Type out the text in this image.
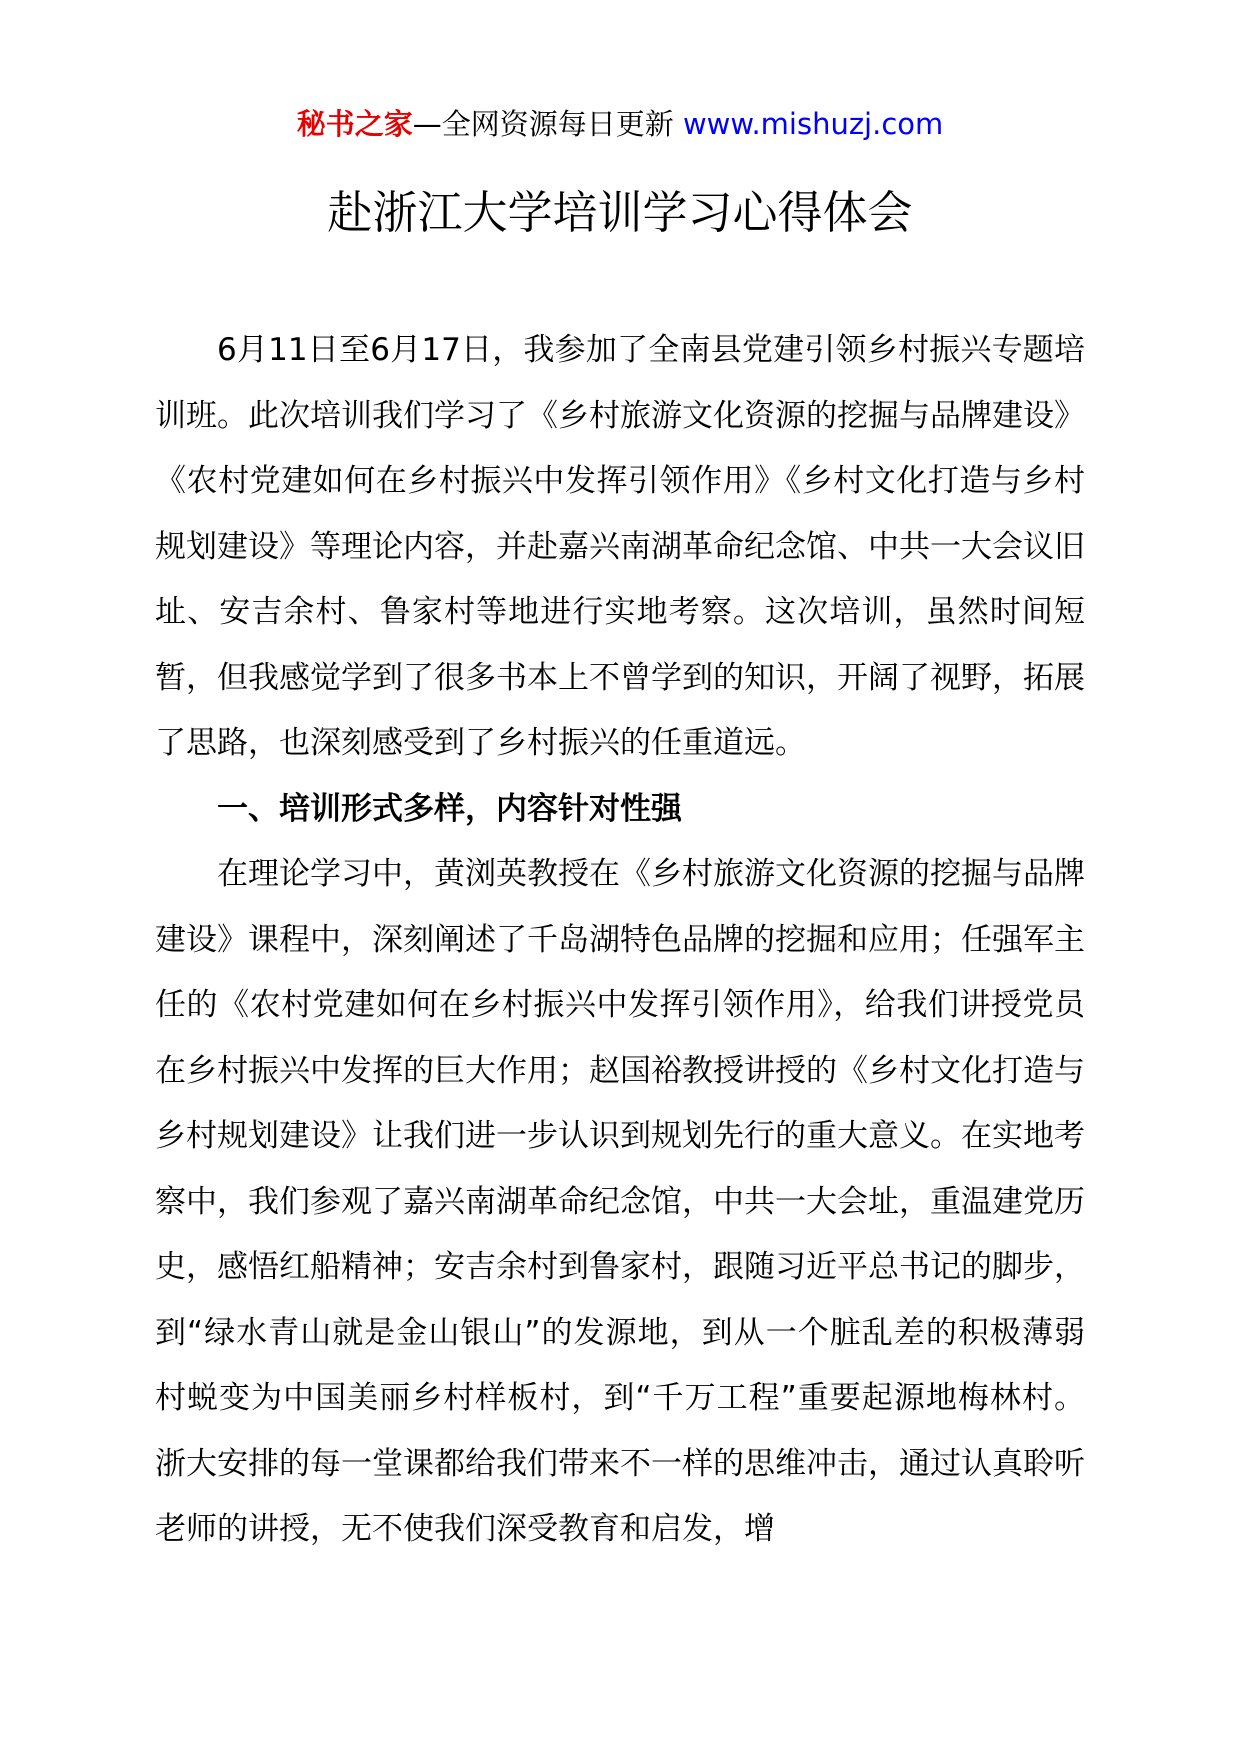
秘书之家—全网资源每日更新 www.mishuzj.com
赴浙江大学培训学习心得体会

6月11日至6月17日，我参加了全南县党建引领乡村振兴专题培训班。此次培训我们学习了《乡村旅游文化资源的挖掘与品牌建设》《农村党建如何在乡村振兴中发挥引领作用》《乡村文化打造与乡村规划建设》等理论内容，并赴嘉兴南湖革命纪念馆、中共一大会议旧址、安吉余村、鲁家村等地进行实地考察。这次培训，虽然时间短暂，但我感觉学到了很多书本上不曾学到的知识，开阔了视野，拓展了思路，也深刻感受到了乡村振兴的任重道远。

一、培训形式多样，内容针对性强

在理论学习中，黄浏英教授在《乡村旅游文化资源的挖掘与品牌建设》课程中，深刻阐述了千岛湖特色品牌的挖掘和应用；任强军主任的《农村党建如何在乡村振兴中发挥引领作用》，给我们讲授党员在乡村振兴中发挥的巨大作用；赵国裕教授讲授的《乡村文化打造与乡村规划建设》让我们进一步认识到规划先行的重大意义。在实地考察中，我们参观了嘉兴南湖革命纪念馆，中共一大会址，重温建党历史，感悟红船精神；安吉余村到鲁家村，跟随习近平总书记的脚步，到“绿水青山就是金山银山”的发源地，到从一个脏乱差的积极薄弱村蜕变为中国美丽乡村样板村，到“千万工程”重要起源地梅林村。浙大安排的每一堂课都给我们带来不一样的思维冲击，通过认真聆听老师的讲授，无不使我们深受教育和启发，增
